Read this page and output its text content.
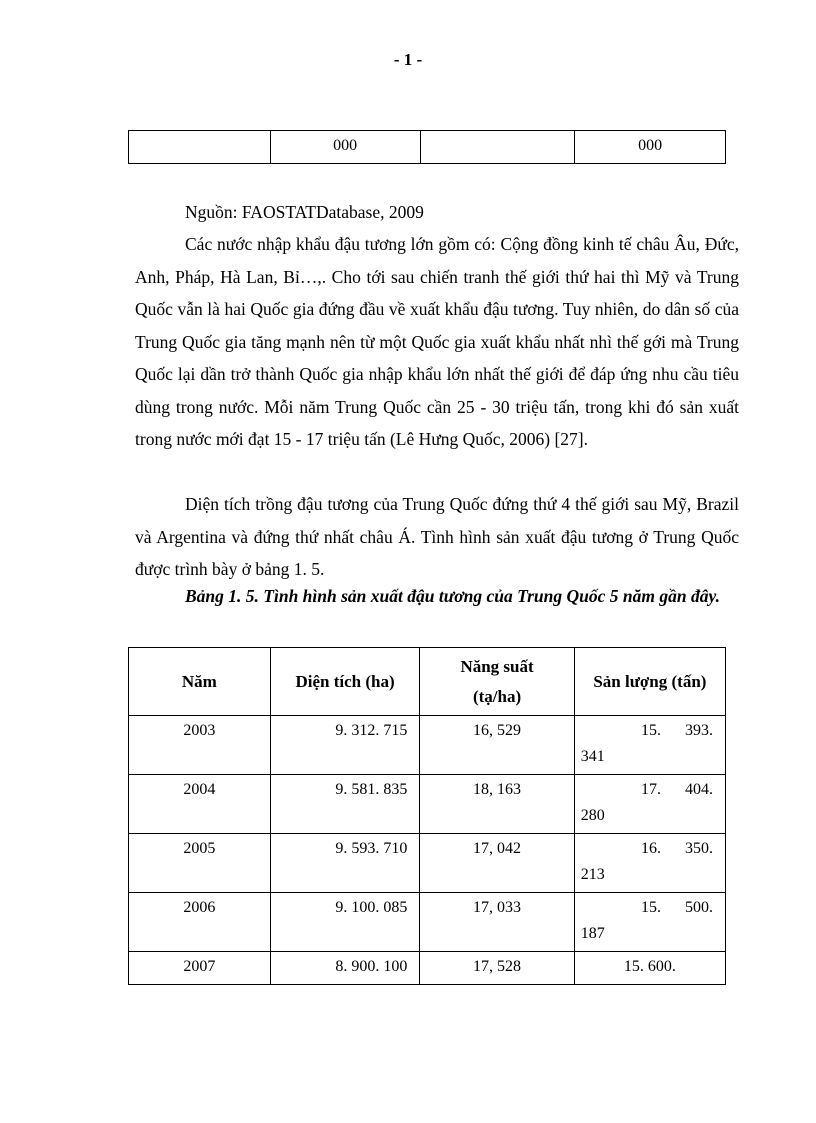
- 1 -
	000		000

Nguồn: FAOSTATDatabase, 2009

Các nước nhập khẩu đậu tương lớn gồm có: Cộng đồng kinh tế châu Âu, Đức, Anh, Pháp, Hà Lan, Bỉ…,. Cho tới sau chiến tranh thế giới thứ hai thì Mỹ và Trung Quốc vẫn là hai Quốc gia đứng đầu về xuất khẩu đậu tương. Tuy nhiên, do dân số của Trung Quốc gia tăng mạnh nên từ một Quốc gia xuất khẩu nhất nhì thế gới mà Trung Quốc lại dần trở thành Quốc gia nhập khẩu lớn nhất thế giới để đáp ứng nhu cầu tiêu dùng trong nước. Mỗi năm Trung Quốc cần 25 - 30 triệu tấn, trong khi đó sản xuất trong nước mới đạt 15 - 17 triệu tấn (Lê Hưng Quốc, 2006) [27].

Diện tích trồng đậu tương của Trung Quốc đứng thứ 4 thế giới sau Mỹ, Brazil và Argentina và đứng thứ nhất châu Á. Tình hình sản xuất đậu tương ở Trung Quốc được trình bày ở bảng 1. 5.

Bảng 1. 5. Tình hình sản xuất đậu tương của Trung Quốc 5 năm gần đây.

Năm	Diện tích (ha)	Năng suất
(tạ/ha)	Sản lượng (tấn)
2003	9. 312. 715	16, 529	15.      393.
341

2004	9. 581. 835	18, 163	17.      404.
280

2005	9. 593. 710	17, 042	16.      350.
213

2006	9. 100. 085	17, 033	15.      500.
187

2007	8. 900. 100	17, 528	15. 600.
